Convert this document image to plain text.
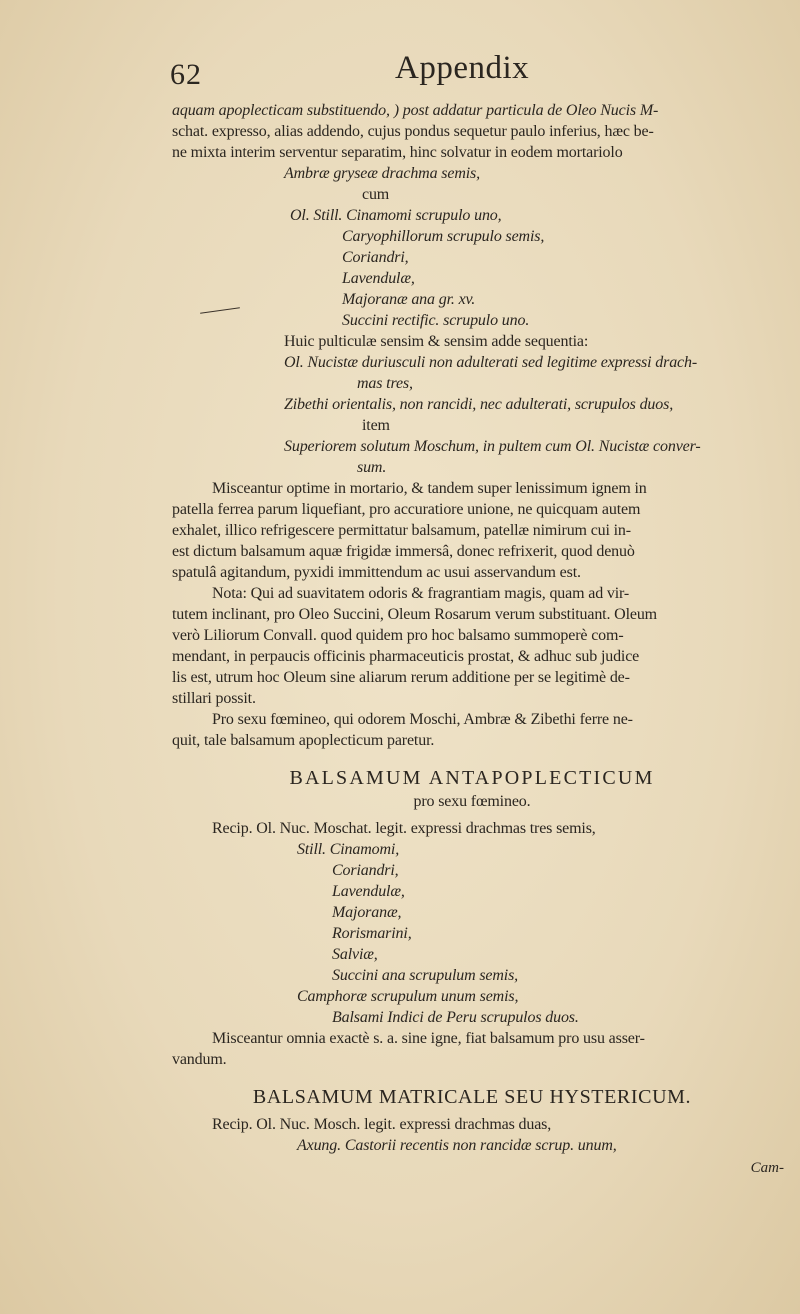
62	Appendix
aquam apoplecticam substituendo, ) post addatur particula de Oleo Nucis M-
schat. expresso, alias addendo, cujus pondus sequetur paulo inferius, hæc be-
ne mixta interim serventur separatim, hinc solvatur in eodem mortariolo
Ambræ gryseæ drachma semis,
cum
Ol. Still. Cinamomi scrupulo uno,
Caryophillorum scrupulo semis,
Coriandri,
Lavendulæ,
Majoranæ ana gr. xv.
Succini rectific. scrupulo uno.
Huic pulticulæ sensim & sensim adde sequentia:
Ol. Nucistæ duriusculi non adulterati sed legitime expressi drach-
mas tres,
Zibethi orientalis, non rancidi, nec adulterati, scrupulos duos,
item
Superiorem solutum Moschum, in pultem cum Ol. Nucistæ conver-
sum.
Misceantur optime in mortario, & tandem super lenissimum ignem in
patella ferrea parum liquefiant, pro accuratiore unione, ne quicquam autem
exhalet, illico refrigescere permittatur balsamum, patellæ nimirum cui in-
est dictum balsamum aquæ frigidæ immersâ, donec refrixerit, quod denuò
spatulâ agitandum, pyxidi immittendum ac usui asservandum est.
Nota: Qui ad suavitatem odoris & fragrantiam magis, quam ad vir-
tutem inclinant, pro Oleo Succini, Oleum Rosarum verum substituant. Oleum
verò Liliorum Convall. quod quidem pro hoc balsamo summoperè com-
mendant, in perpaucis officinis pharmaceuticis prostat, & adhuc sub judice
lis est, utrum hoc Oleum sine aliarum rerum additione per se legitimè de-
stillari possit.
Pro sexu fœmineo, qui odorem Moschi, Ambræ & Zibethi ferre ne-
quit, tale balsamum apoplecticum paretur.
BALSAMUM ANTAPOPLECTICUM
pro sexu fœmineo.
Recip. Ol. Nuc. Moschat. legit. expressi drachmas tres semis,
Still. Cinamomi,
Coriandri,
Lavendulæ,
Majoranæ,
Rorismarini,
Salviæ,
Succini ana scrupulum semis,
Camphoræ scrupulum unum semis,
Balsami Indici de Peru scrupulos duos.
Misceantur omnia exactè s. a. sine igne, fiat balsamum pro usu asser-
vandum.
BALSAMUM MATRICALE SEU HYSTERICUM.
Recip. Ol. Nuc. Mosch. legit. expressi drachmas duas,
Axung. Castorii recentis non rancidæ scrup. unum,
Cam-
